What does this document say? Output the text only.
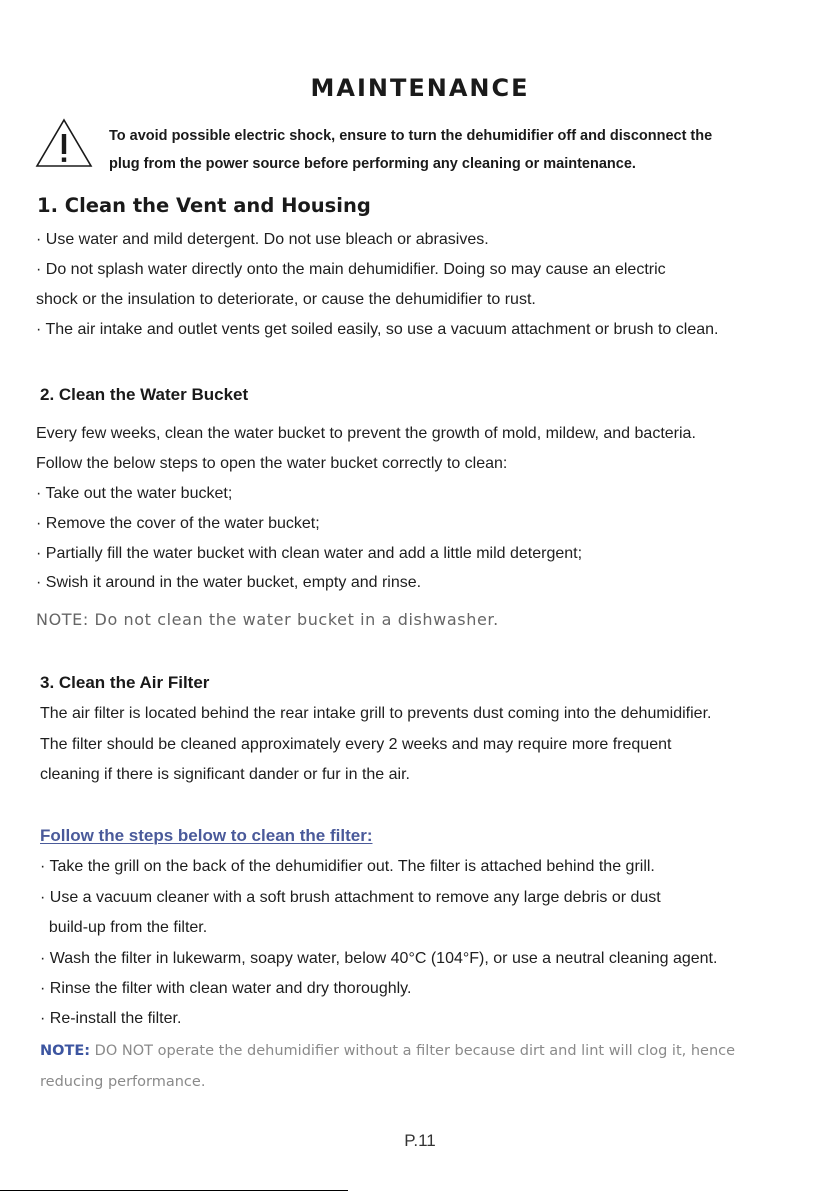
MAINTENANCE
To avoid possible electric shock, ensure to turn the dehumidifier off and disconnect the
plug from the power source before performing any cleaning or maintenance.
1. Clean the Vent and Housing
· Use water and mild detergent. Do not use bleach or abrasives.
· Do not splash water directly onto the main dehumidifier. Doing so may cause an electric
shock or the insulation to deteriorate, or cause the dehumidifier to rust.
· The air intake and outlet vents get soiled easily, so use a vacuum attachment or brush to clean.
2. Clean the Water Bucket
Every few weeks, clean the water bucket to prevent the growth of mold, mildew, and bacteria.
Follow the below steps to open the water bucket correctly to clean:
· Take out the water bucket;
· Remove the cover of the water bucket;
· Partially fill the water bucket with clean water and add a little mild detergent;
· Swish it around in the water bucket, empty and rinse.
NOTE: Do not clean the water bucket in a dishwasher.
3. Clean the Air Filter
The air filter is located behind the rear intake grill to prevents dust coming into the dehumidifier.
The filter should be cleaned approximately every 2 weeks and may require more frequent
cleaning if there is significant dander or fur in the air.
Follow the steps below to clean the filter:
· Take the grill on the back of the dehumidifier out. The filter is attached behind the grill.
· Use a vacuum cleaner with a soft brush attachment to remove any large debris or dust
build-up from the filter.
· Wash the filter in lukewarm, soapy water, below 40°C (104°F), or use a neutral cleaning agent.
· Rinse the filter with clean water and dry thoroughly.
· Re-install the filter.
NOTE: DO NOT operate the dehumidifier without a filter because dirt and lint will clog it, hence
reducing performance.
P.11
